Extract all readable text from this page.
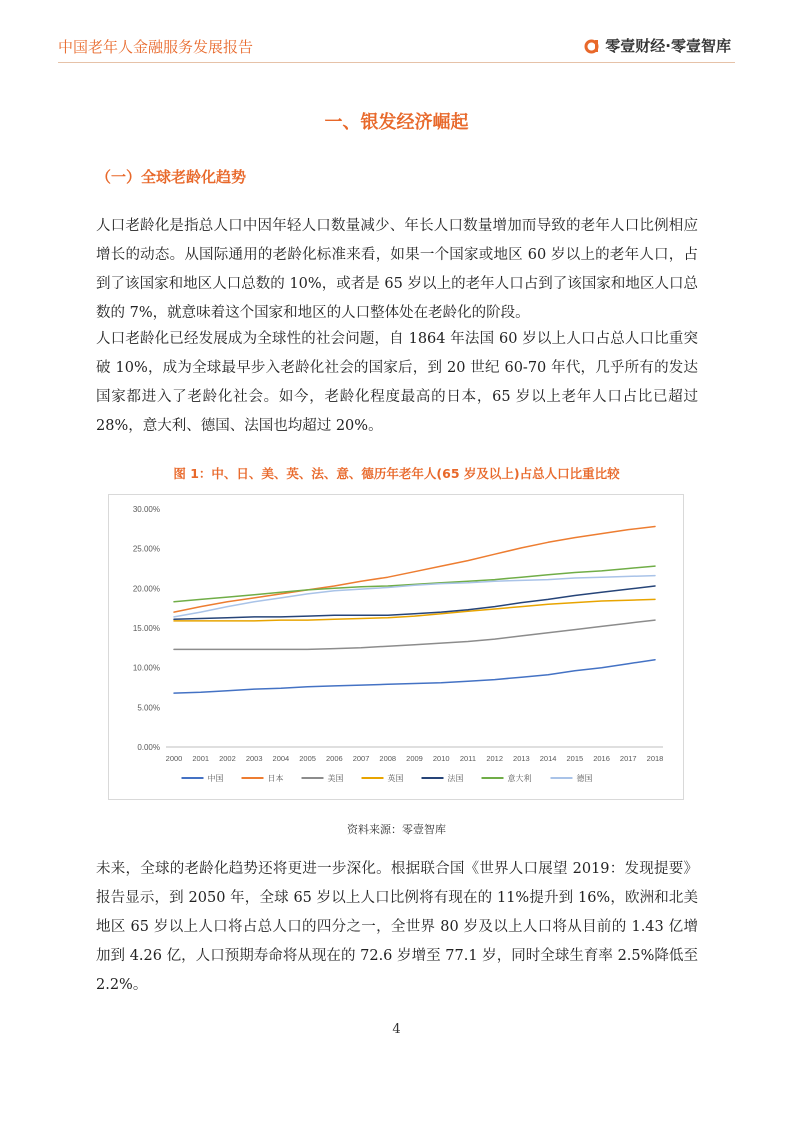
中国老年人金融服务发展报告	零壹财经·零壹智库
一、银发经济崛起
（一）全球老龄化趋势

人口老龄化是指总人口中因年轻人口数量减少、年长人口数量增加而导致的老年人口比例相应增长的动态。从国际通用的老龄化标准来看，如果一个国家或地区 60 岁以上的老年人口，占到了该国家和地区人口总数的 10%，或者是 65 岁以上的老年人口占到了该国家和地区人口总数的 7%，就意味着这个国家和地区的人口整体处在老龄化的阶段。

人口老龄化已经发展成为全球性的社会问题，自 1864 年法国 60 岁以上人口占总人口比重突破 10%，成为全球最早步入老龄化社会的国家后，到 20 世纪 60-70 年代，几乎所有的发达国家都进入了老龄化社会。如今，老龄化程度最高的日本，65 岁以上老年人口占比已超过 28%，意大利、德国、法国也均超过 20%。

图 1：中、日、美、英、法、意、德历年老年人(65 岁及以上)占总人口比重比较
0.00%
5.00%
10.00%
15.00%
20.00%
25.00%
30.00%
2000 2001 2002 2003 2004 2005 2006 2007 2008 2009 2010 2011 2012 2013 2014 2015 2016 2017 2018
中国	日本	美国	英国	法国	意大利	德国
资料来源：零壹智库

未来，全球的老龄化趋势还将更进一步深化。根据联合国《世界人口展望 2019：发现提要》报告显示，到 2050 年，全球 65 岁以上人口比例将有现在的 11%提升到 16%，欧洲和北美地区 65 岁以上人口将占总人口的四分之一，全世界 80 岁及以上人口将从目前的 1.43 亿增加到 4.26 亿，人口预期寿命将从现在的 72.6 岁增至 77.1 岁，同时全球生育率 2.5%降低至 2.2%。

4
